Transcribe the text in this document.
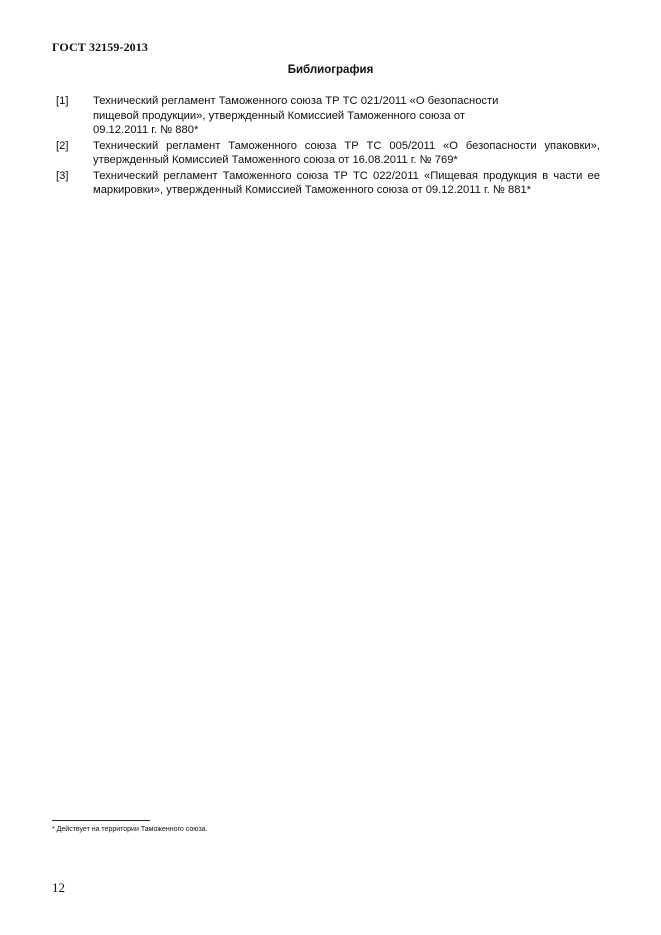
ГОСТ 32159-2013
Библиография
[1]	Технический регламент Таможенного союза ТР ТС 021/2011 «О безопасности
пищевой продукции», утвержденный Комиссией Таможенного союза от
09.12.2011 г. № 880*
[2]	Технический регламент Таможенного союза ТР ТС 005/2011 «О безопасности упаковки», утвержденный Комиссией Таможенного союза от 16.08.2011 г. № 769*
[3]	Технический регламент Таможенного союза ТР ТС 022/2011 «Пищевая продукция в части ее маркировки», утвержденный Комиссией Таможенного союза от 09.12.2011 г. № 881*
* Действует на территории Таможенного союза.
12
